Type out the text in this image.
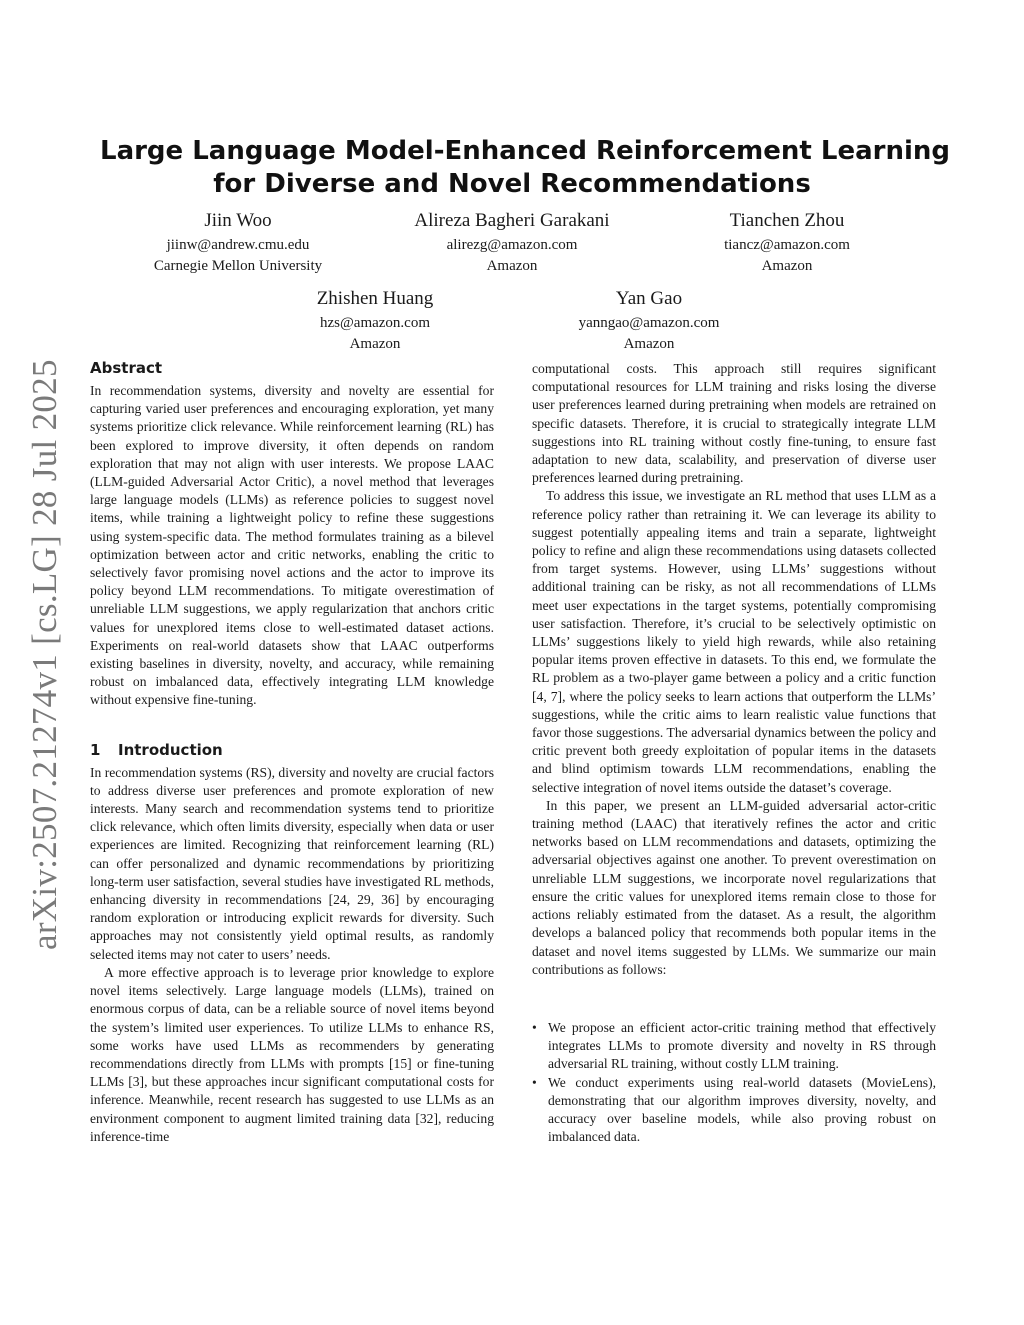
arXiv:2507.21274v1 [cs.LG] 28 Jul 2025
Large Language Model-Enhanced Reinforcement Learning
for Diverse and Novel Recommendations
Jiin Woo
jiinw@andrew.cmu.edu
Carnegie Mellon University
Alireza Bagheri Garakani
alirezg@amazon.com
Amazon
Tianchen Zhou
tiancz@amazon.com
Amazon
Zhishen Huang
hzs@amazon.com
Amazon
Yan Gao
yanngao@amazon.com
Amazon
Abstract

In recommendation systems, diversity and novelty are essential for capturing varied user preferences and encouraging exploration, yet many systems prioritize click relevance. While reinforcement learning (RL) has been explored to improve diversity, it often depends on random exploration that may not align with user interests. We propose LAAC (LLM-guided Adversarial Actor Critic), a novel method that leverages large language models (LLMs) as reference policies to suggest novel items, while training a lightweight policy to refine these suggestions using system-specific data. The method formulates training as a bilevel optimization between actor and critic networks, enabling the critic to selectively favor promising novel actions and the actor to improve its policy beyond LLM recommendations. To mitigate overestimation of unreliable LLM suggestions, we apply regularization that anchors critic values for unexplored items close to well-estimated dataset actions. Experiments on real-world datasets show that LAAC outperforms existing baselines in diversity, novelty, and accuracy, while remaining robust on imbalanced data, effectively integrating LLM knowledge without expensive fine-tuning.

1 Introduction

In recommendation systems (RS), diversity and novelty are crucial factors to address diverse user preferences and promote exploration of new interests. Many search and recommendation systems tend to prioritize click relevance, which often limits diversity, especially when data or user experiences are limited. Recognizing that reinforcement learning (RL) can offer personalized and dynamic recommendations by prioritizing long-term user satisfaction, several studies have investigated RL methods, enhancing diversity in recommendations [24, 29, 36] by encouraging random exploration or introducing explicit rewards for diversity. Such approaches may not consistently yield optimal results, as randomly selected items may not cater to users’ needs.

A more effective approach is to leverage prior knowledge to explore novel items selectively. Large language models (LLMs), trained on enormous corpus of data, can be a reliable source of novel items beyond the system’s limited user experiences. To utilize LLMs to enhance RS, some works have used LLMs as recommenders by generating recommendations directly from LLMs with prompts [15] or fine-tuning LLMs [3], but these approaches incur significant computational costs for inference. Meanwhile, recent research has suggested to use LLMs as an environment component to augment limited training data [32], reducing inference-time

computational costs. This approach still requires significant computational resources for LLM training and risks losing the diverse user preferences learned during pretraining when models are retrained on specific datasets. Therefore, it is crucial to strategically integrate LLM suggestions into RL training without costly fine-tuning, to ensure fast adaptation to new data, scalability, and preservation of diverse user preferences learned during pretraining.

To address this issue, we investigate an RL method that uses LLM as a reference policy rather than retraining it. We can leverage its ability to suggest potentially appealing items and train a separate, lightweight policy to refine and align these recommendations using datasets collected from target systems. However, using LLMs’ suggestions without additional training can be risky, as not all recommendations of LLMs meet user expectations in the target systems, potentially compromising user satisfaction. Therefore, it’s crucial to be selectively optimistic on LLMs’ suggestions likely to yield high rewards, while also retaining popular items proven effective in datasets. To this end, we formulate the RL problem as a two-player game between a policy and a critic function [4, 7], where the policy seeks to learn actions that outperform the LLMs’ suggestions, while the critic aims to learn realistic value functions that favor those suggestions. The adversarial dynamics between the policy and critic prevent both greedy exploitation of popular items in the datasets and blind optimism towards LLM recommendations, enabling the selective integration of novel items outside the dataset’s coverage.

In this paper, we present an LLM-guided adversarial actor-critic training method (LAAC) that iteratively refines the actor and critic networks based on LLM recommendations and datasets, optimizing the adversarial objectives against one another. To prevent overestimation on unreliable LLM suggestions, we incorporate novel regularizations that ensure the critic values for unexplored items remain close to those for actions reliably estimated from the dataset. As a result, the algorithm develops a balanced policy that recommends both popular items in the dataset and novel items suggested by LLMs. We summarize our main contributions as follows:

• We propose an efficient actor-critic training method that effectively integrates LLMs to promote diversity and novelty in RS through adversarial RL training, without costly LLM training.
• We conduct experiments using real-world datasets (MovieLens), demonstrating that our algorithm improves diversity, novelty, and accuracy over baseline models, while also proving robust on imbalanced data.
